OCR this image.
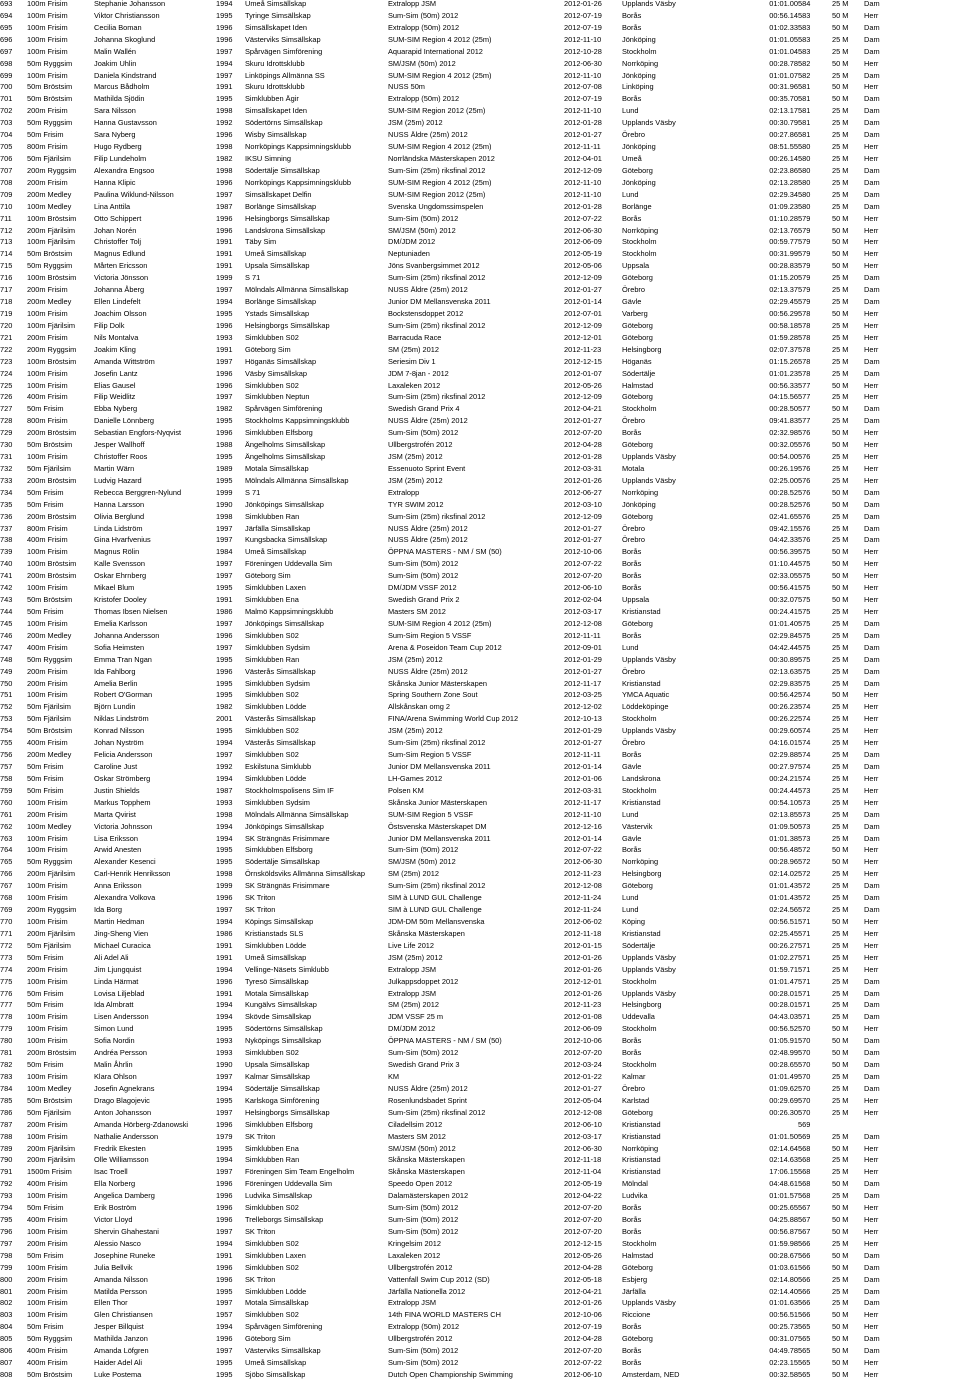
693	100m Frisim	Stephanie Johansson	1994	Umeå Simsällskap	Extralopp JSM	2012-01-26	Upplands Väsby	01:01.00	584	25 M	Dam
694	100m Frisim	Viktor Christiansson	1995	Tyringe Simsällskap	Sum-Sim (50m) 2012	2012-07-19	Borås	00:56.14	583	50 M	Herr
695	100m Frisim	Cecilia Boman	1996	Simsällskapet Iden	Extralopp (50m) 2012	2012-07-19	Borås	01:02.33	583	50 M	Dam
696	100m Frisim	Johanna Skoglund	1996	Västerviks Simsällskap	SUM-SIM Region 4 2012 (25m)	2012-11-10	Jönköping	01:01.05	583	25 M	Dam
697	100m Frisim	Malin Wallén	1997	Spårvägen Simförening	Aquarapid International 2012	2012-10-28	Stockholm	01:01.04	583	25 M	Dam
698	50m Ryggsim	Joakim Uhlin	1994	Skuru Idrottsklubb	SM/JSM (50m) 2012	2012-06-30	Norrköping	00:28.78	582	50 M	Herr
699	100m Frisim	Daniela Kindstrand	1997	Linköpings Allmänna SS	SUM-SIM Region 4 2012 (25m)	2012-11-10	Jönköping	01:01.07	582	25 M	Dam
700	50m Bröstsim	Marcus Bådholm	1991	Skuru Idrottsklubb	NUSS 50m	2012-07-08	Linköping	00:31.96	581	50 M	Herr
701	50m Bröstsim	Mathilda Sjödin	1995	Simklubben Ägir	Extralopp (50m) 2012	2012-07-19	Borås	00:35.70	581	50 M	Dam
702	200m Frisim	Sara Nilsson	1998	Simsällskapet Iden	SUM-SIM Region 2012 (25m)	2012-11-10	Lund	02:13.17	581	25 M	Dam
703	50m Ryggsim	Hanna Gustavsson	1992	Södertörns Simsällskap	JSM (25m) 2012	2012-01-28	Upplands Väsby	00:30.79	581	25 M	Dam
704	50m Frisim	Sara Nyberg	1996	Wisby Simsällskap	NUSS Äldre (25m) 2012	2012-01-27	Örebro	00:27.86	581	25 M	Dam
705	800m Frisim	Hugo Rydberg	1998	Norrköpings Kappsimningsklubb	SUM-SIM Region 4 2012 (25m)	2012-11-11	Jönköping	08:51.55	580	25 M	Herr
706	50m Fjärilsim	Filip Lundeholm	1982	IKSU Simning	Norrländska Mästerskapen 2012	2012-04-01	Umeå	00:26.14	580	25 M	Herr
707	200m Ryggsim	Alexandra Engsoo	1998	Södertälje Simsällskap	Sum-Sim (25m) riksfinal 2012	2012-12-09	Göteborg	02:23.86	580	25 M	Dam
708	200m Frisim	Hanna Klipic	1996	Norrköpings Kappsimningsklubb	SUM-SIM Region 4 2012 (25m)	2012-11-10	Jönköping	02:13.28	580	25 M	Dam
709	200m Medley	Paulina Wiklund-Nilsson	1997	Simsällskapet Delfin	SUM-SIM Region 2012 (25m)	2012-11-10	Lund	02:29.34	580	25 M	Dam
710	100m Medley	Lina Anttila	1987	Borlänge Simsällskap	Svenska Ungdomssimspelen	2012-01-28	Borlänge	01:09.23	580	25 M	Dam
711	100m Bröstsim	Otto Schippert	1996	Helsingborgs Simsällskap	Sum-Sim (50m) 2012	2012-07-22	Borås	01:10.28	579	50 M	Herr
712	200m Fjärilsim	Johan Norén	1996	Landskrona Simsällskap	SM/JSM (50m) 2012	2012-06-30	Norrköping	02:13.76	579	50 M	Herr
713	100m Fjärilsim	Christoffer Tolj	1991	Täby Sim	DM/JDM 2012	2012-06-09	Stockholm	00:59.77	579	50 M	Herr
714	50m Bröstsim	Magnus Edlund	1991	Umeå Simsällskap	Neptuniaden	2012-05-19	Stockholm	00:31.99	579	50 M	Herr
715	50m Ryggsim	Mårten Ericsson	1991	Upsala Simsällskap	Jöns Svanbergsimmet 2012	2012-05-06	Uppsala	00:28.83	579	50 M	Herr
716	100m Bröstsim	Victoria Jönsson	1999	S 71	Sum-Sim (25m) riksfinal 2012	2012-12-09	Göteborg	01:15.20	579	25 M	Dam
717	200m Frisim	Johanna Åberg	1997	Mölndals Allmänna Simsällskap	NUSS Äldre (25m) 2012	2012-01-27	Örebro	02:13.37	579	25 M	Dam
718	200m Medley	Ellen Lindefelt	1994	Borlänge Simsällskap	Junior DM Mellansvenska 2011	2012-01-14	Gävle	02:29.45	579	25 M	Dam
719	100m Frisim	Joachim Olsson	1995	Ystads Simsällskap	Bockstensdoppet 2012	2012-07-01	Varberg	00:56.29	578	50 M	Herr
720	100m Fjärilsim	Filip Dolk	1996	Helsingborgs Simsällskap	Sum-Sim (25m) riksfinal 2012	2012-12-09	Göteborg	00:58.18	578	25 M	Herr
721	200m Frisim	Nils Montalva	1993	Simklubben S02	Barracuda Race	2012-12-01	Göteborg	01:59.28	578	25 M	Herr
722	200m Ryggsim	Joakim Kling	1991	Göteborg Sim	SM (25m) 2012	2012-11-23	Helsingborg	02:07.37	578	25 M	Herr
723	100m Bröstsim	Amanda Wittström	1997	Höganäs Simsällskap	Seriesim Div 1	2012-12-15	Höganäs	01:15.26	578	25 M	Dam
724	100m Frisim	Josefin Lantz	1996	Väsby Simsällskap	JDM 7-8jan - 2012	2012-01-07	Södertälje	01:01.23	578	25 M	Dam
725	100m Frisim	Elias Gausel	1996	Simklubben S02	Laxaleken 2012	2012-05-26	Halmstad	00:56.33	577	50 M	Herr
726	400m Frisim	Filip Weidlitz	1997	Simklubben Neptun	Sum-Sim (25m) riksfinal 2012	2012-12-09	Göteborg	04:15.56	577	25 M	Herr
727	50m Frisim	Ebba Nyberg	1982	Spårvägen Simförening	Swedish Grand Prix 4	2012-04-21	Stockholm	00:28.50	577	50 M	Dam
728	800m Frisim	Danielle Lönnberg	1995	Stockholms Kappsimningsklubb	NUSS Äldre (25m) 2012	2012-01-27	Örebro	09:41.83	577	25 M	Dam
729	200m Bröstsim	Sebastian Engfors-Nyqvist	1996	Simklubben Elfsborg	Sum-Sim (50m) 2012	2012-07-20	Borås	02:32.98	576	50 M	Herr
730	50m Bröstsim	Jesper Wallhoff	1988	Ängelholms Simsällskap	Ullbergstrofén 2012	2012-04-28	Göteborg	00:32.05	576	50 M	Herr
731	100m Frisim	Christoffer Roos	1995	Ängelholms Simsällskap	JSM (25m) 2012	2012-01-28	Upplands Väsby	00:54.00	576	25 M	Herr
732	50m Fjärilsim	Martin Wärn	1989	Motala Simsällskap	Essenuoto Sprint Event	2012-03-31	Motala	00:26.19	576	25 M	Herr
733	200m Bröstsim	Ludvig Hazard	1995	Mölndals Allmänna Simsällskap	JSM (25m) 2012	2012-01-26	Upplands Väsby	02:25.00	576	25 M	Herr
734	50m Frisim	Rebecca Berggren-Nylund	1999	S 71	Extralopp	2012-06-27	Norrköping	00:28.52	576	50 M	Dam
735	50m Frisim	Hanna Larsson	1990	Jönköpings Simsällskap	TYR SWIM 2012	2012-03-10	Jönköping	00:28.52	576	50 M	Dam
736	200m Bröstsim	Olivia Berglund	1998	Simklubben Ran	Sum-Sim (25m) riksfinal 2012	2012-12-09	Göteborg	02:41.65	576	25 M	Dam
737	800m Frisim	Linda Lidström	1997	Järfälla Simsällskap	NUSS Äldre (25m) 2012	2012-01-27	Örebro	09:42.15	576	25 M	Dam
738	400m Frisim	Gina Hvarfvenius	1997	Kungsbacka Simsällskap	NUSS Äldre (25m) 2012	2012-01-27	Örebro	04:42.33	576	25 M	Dam
739	100m Frisim	Magnus Rölin	1984	Umeå Simsällskap	ÖPPNA MASTERS - NM / SM (50)	2012-10-06	Borås	00:56.39	575	50 M	Herr
740	100m Bröstsim	Kalle Svensson	1997	Föreningen Uddevalla Sim	Sum-Sim (50m) 2012	2012-07-22	Borås	01:10.44	575	50 M	Herr
741	200m Bröstsim	Oskar Ehrnberg	1997	Göteborg Sim	Sum-Sim (50m) 2012	2012-07-20	Borås	02:33.05	575	50 M	Herr
742	100m Frisim	Mikael Blum	1995	Simklubben Laxen	DM/JDM VSSF 2012	2012-06-10	Borås	00:56.41	575	50 M	Herr
743	50m Bröstsim	Kristofer Dooley	1991	Simklubben Ena	Swedish Grand Prix 2	2012-02-04	Uppsala	00:32.07	575	50 M	Herr
744	50m Frisim	Thomas Ibsen Nielsen	1986	Malmö Kappsimningsklubb	Masters SM 2012	2012-03-17	Kristianstad	00:24.41	575	25 M	Herr
745	100m Frisim	Emelia Karlsson	1997	Jönköpings Simsällskap	SUM-SIM Region 4 2012 (25m)	2012-12-08	Göteborg	01:01.40	575	25 M	Dam
746	200m Medley	Johanna Andersson	1996	Simklubben S02	Sum-Sim Region 5 VSSF	2012-11-11	Borås	02:29.84	575	25 M	Dam
747	400m Frisim	Sofia Heimsten	1997	Simklubben Sydsim	Arena & Poseidon Team Cup 2012	2012-09-01	Lund	04:42.44	575	25 M	Dam
748	50m Ryggsim	Emma Tran Ngan	1995	Simklubben Ran	JSM (25m) 2012	2012-01-29	Upplands Väsby	00:30.89	575	25 M	Dam
749	200m Frisim	Ida Fahlborg	1996	Västerås Simsällskap	NUSS Äldre (25m) 2012	2012-01-27	Örebro	02:13.63	575	25 M	Dam
750	200m Frisim	Amelia Berlin	1995	Simklubben Sydsim	Skånska Junior Mästerskapen	2012-11-17	Kristianstad	02:29.83	575	25 M	Dam
751	100m Frisim	Robert O'Gorman	1995	Simklubben S02	Spring Southern Zone Sout	2012-03-25	YMCA Aquatic	00:56.42	574	50 M	Herr
752	50m Fjärilsim	Björn Lundin	1982	Simklubben Lödde	Allskånskan omg 2	2012-12-02	Löddeköpinge	00:26.23	574	25 M	Herr
753	50m Fjärilsim	Niklas Lindström	2001	Västerås Simsällskap	FINA/Arena Swimming World Cup 2012	2012-10-13	Stockholm	00:26.22	574	25 M	Herr
754	50m Bröstsim	Konrad Nilsson	1995	Simklubben S02	JSM (25m) 2012	2012-01-29	Upplands Väsby	00:29.60	574	25 M	Herr
755	400m Frisim	Johan Nyström	1994	Västerås Simsällskap	Sum-Sim (25m) riksfinal 2012	2012-01-27	Örebro	04:16.01	574	25 M	Herr
756	200m Medley	Felicia Andersson	1997	Simklubben S02	Sum-Sim Region 5 VSSF	2012-11-11	Borås	02:29.88	574	25 M	Dam
757	50m Frisim	Caroline Just	1992	Eskilstuna Simklubb	Junior DM Mellansvenska 2011	2012-01-14	Gävle	00:27.97	574	25 M	Dam
758	50m Frisim	Oskar Strömberg	1994	Simklubben Lödde	LH-Games 2012	2012-01-06	Landskrona	00:24.21	574	25 M	Herr
759	50m Frisim	Justin Shields	1987	Stockholmspolisens Sim IF	Polsen KM	2012-03-31	Stockholm	00:24.44	573	25 M	Herr
760	100m Frisim	Markus Topphem	1993	Simklubben Sydsim	Skånska Junior Mästerskapen	2012-11-17	Kristianstad	00:54.10	573	25 M	Herr
761	200m Frisim	Marta Qvirist	1998	Mölndals Allmänna Simsällskap	SUM-SIM Region 5 VSSF	2012-11-10	Lund	02:13.85	573	25 M	Dam
762	100m Medley	Victoria Johnsson	1994	Jönköpings Simsällskap	Östsvenska Mästerskapet DM	2012-12-16	Västervik	01:09.50	573	25 M	Dam
763	100m Frisim	Lisa Eriksson	1994	SK Strängnäs Frisimmare	Junior DM Mellansvenska 2011	2012-01-14	Gävle	01:01.38	573	25 M	Dam
764	100m Frisim	Arwid Anesten	1995	Simklubben Elfsborg	Sum-Sim (50m) 2012	2012-07-22	Borås	00:56.48	572	50 M	Herr
765	50m Ryggsim	Alexander Kesenci	1995	Södertälje Simsällskap	SM/JSM (50m) 2012	2012-06-30	Norrköping	00:28.96	572	50 M	Herr
766	200m Fjärilsim	Carl-Henrik Henriksson	1998	Örnsköldsviks Allmänna Simsällskap	SM (25m) 2012	2012-11-23	Helsingborg	02:14.02	572	25 M	Herr
767	100m Frisim	Anna Eriksson	1999	SK Strängnäs Frisimmare	Sum-Sim (25m) riksfinal 2012	2012-12-08	Göteborg	01:01.43	572	25 M	Dam
768	100m Frisim	Alexandra Volkova	1996	SK Triton	SIM à LUND GUL Challenge	2012-11-24	Lund	01:01.43	572	25 M	Dam
769	200m Ryggsim	Ida Borg	1997	SK Triton	SIM à LUND GUL Challenge	2012-11-24	Lund	02:24.56	572	25 M	Dam
770	100m Frisim	Martin Hedman	1994	Köpings Simsällskap	JDM-DM 50m Mellansvenska	2012-06-02	Köping	00:56.51	571	50 M	Herr
771	200m Fjärilsim	Jing-Sheng Vien	1986	Kristianstads SLS	Skånska Mästerskapen	2012-11-18	Kristianstad	02:25.45	571	25 M	Herr
772	50m Fjärilsim	Michael Curacica	1991	Simklubben Lödde	Live Life 2012	2012-01-15	Södertälje	00:26.27	571	25 M	Herr
773	50m Frisim	Ali Adel Ali	1991	Umeå Simsällskap	JSM (25m) 2012	2012-01-26	Upplands Väsby	01:02.27	571	25 M	Herr
774	200m Frisim	Jim Ljungquist	1994	Vellinge-Näsets Simklubb	Extralopp JSM	2012-01-26	Upplands Väsby	01:59.71	571	25 M	Herr
775	100m Frisim	Linda Härmat	1996	Tyresö Simsällskap	Julkappsdoppet 2012	2012-12-01	Stockholm	01:01.47	571	25 M	Dam
776	50m Frisim	Lovisa Liljeblad	1991	Motala Simsällskap	Extralopp JSM	2012-01-26	Upplands Väsby	00:28.01	571	25 M	Dam
777	50m Frisim	Ida Almbratt	1994	Kungälvs Simsällskap	SM (25m) 2012	2012-11-23	Helsingborg	00:28.01	571	25 M	Dam
778	100m Frisim	Lisen Andersson	1994	Skövde Simsällskap	JDM VSSF 25 m	2012-01-08	Uddevalla	04:43.03	571	25 M	Dam
779	100m Frisim	Simon Lund	1995	Södertörns Simsällskap	DM/JDM 2012	2012-06-09	Stockholm	00:56.52	570	50 M	Herr
780	100m Frisim	Sofia Nordin	1993	Nyköpings Simsällskap	ÖPPNA MASTERS - NM / SM (50)	2012-10-06	Borås	01:05.91	570	50 M	Dam
781	200m Bröstsim	Andréa Persson	1993	Simklubben S02	Sum-Sim (50m) 2012	2012-07-20	Borås	02:48.99	570	50 M	Dam
782	50m Frisim	Malin Åhrlin	1990	Upsala Simsällskap	Swedish Grand Prix 3	2012-03-24	Stockholm	00:28.65	570	50 M	Dam
783	100m Frisim	Klara Ohlson	1997	Kalmar Simsällskap	KM	2012-01-22	Kalmar	01:01.49	570	25 M	Dam
784	100m Medley	Josefin Agnekrans	1994	Södertälje Simsällskap	NUSS Äldre (25m) 2012	2012-01-27	Örebro	01:09.62	570	25 M	Dam
785	50m Bröstsim	Drago Blagojevic	1995	Karlskoga Simförening	Rosenlundsbadet Sprint	2012-05-04	Karlstad	00:29.69	570	25 M	Herr
786	50m Fjärilsim	Anton Johansson	1997	Helsingborgs Simsällskap	Sum-Sim (25m) riksfinal 2012	2012-12-08	Göteborg	00:26.30	570	25 M	Herr
787	200m Frisim	Amanda Hörberg-Zdanowski	1996	Simklubben Elfsborg	Ciladellsim 2012	2012-06-10	Kristianstad		569		
788	100m Frisim	Nathalie Andersson	1979	SK Triton	Masters SM 2012	2012-03-17	Kristianstad	01:01.50	569	25 M	Dam
789	200m Fjärilsim	Fredrik Ekesten	1995	Simklubben Ena	SM/JSM (50m) 2012	2012-06-30	Norrköping	02:14.64	568	50 M	Herr
790	200m Fjärilsim	Olle Williamsson	1994	Simklubben Ran	Skånska Mästerskapen	2012-11-18	Kristianstad	02:14.63	568	25 M	Herr
791	1500m Frisim	Isac Troell	1997	Föreningen Sim Team Engelholm	Skånska Mästerskapen	2012-11-04	Kristianstad	17:06.15	568	25 M	Herr
792	400m Frisim	Ella Norberg	1996	Föreningen Uddevalla Sim	Speedo Open 2012	2012-05-19	Mölndal	04:48.61	568	50 M	Dam
793	100m Frisim	Angelica Damberg	1996	Ludvika Simsällskap	Dalamästerskapen 2012	2012-04-22	Ludvika	01:01.57	568	25 M	Dam
794	50m Frisim	Erik Boström	1996	Simklubben S02	Sum-Sim (50m) 2012	2012-07-20	Borås	00:25.65	567	50 M	Herr
795	400m Frisim	Victor Lloyd	1996	Trelleborgs Simsällskap	Sum-Sim (50m) 2012	2012-07-20	Borås	04:25.88	567	50 M	Herr
796	100m Frisim	Shervin Ghahestani	1997	SK Triton	Sum-Sim (50m) 2012	2012-07-20	Borås	00:56.87	567	50 M	Herr
797	200m Frisim	Alessio Nasco	1994	Simklubben S02	Kringelsim 2012	2012-12-15	Stockholm	01:59.98	566	25 M	Herr
798	50m Frisim	Josephine Runeke	1991	Simklubben Laxen	Laxaleken 2012	2012-05-26	Halmstad	00:28.67	566	50 M	Dam
799	100m Frisim	Julia Bellvik	1996	Simklubben S02	Ullbergstrofén 2012	2012-04-28	Göteborg	01:03.61	566	50 M	Dam
800	200m Frisim	Amanda Nilsson	1996	SK Triton	Vattenfall Swim Cup 2012 (SD)	2012-05-18	Esbjerg	02:14.80	566	25 M	Dam
801	200m Frisim	Matilda Persson	1995	Simklubben Lödde	Järfälla Nationella 2012	2012-04-21	Järfälla	02:14.40	566	25 M	Dam
802	100m Frisim	Ellen Thor	1997	Motala Simsällskap	Extralopp JSM	2012-01-26	Upplands Väsby	01:01.63	566	25 M	Dam
803	100m Frisim	Glen Christiansen	1957	Simklubben S02	14th FINA WORLD MASTERS CH	2012-10-06	Riccione	00:56.51	566	50 M	Herr
804	50m Frisim	Jesper Billquist	1994	Spårvägen Simförening	Extralopp (50m) 2012	2012-07-19	Borås	00:25.73	565	50 M	Herr
805	50m Ryggsim	Mathilda Janzon	1996	Göteborg Sim	Ullbergstrofén 2012	2012-04-28	Göteborg	00:31.07	565	50 M	Dam
806	400m Frisim	Amanda Löfgren	1997	Västerviks Simsällskap	Sum-Sim (50m) 2012	2012-07-20	Borås	04:49.78	565	50 M	Dam
807	400m Frisim	Haider Adel Ali	1995	Umeå Simsällskap	Sum-Sim (50m) 2012	2012-07-22	Borås	02:23.15	565	50 M	Herr
808	50m Bröstsim	Luke Postema	1995	Sjöbo Simsällskap	Dutch Open Championship Swimming	2012-06-10	Amsterdam, NED	00:32.58	565	50 M	Herr
